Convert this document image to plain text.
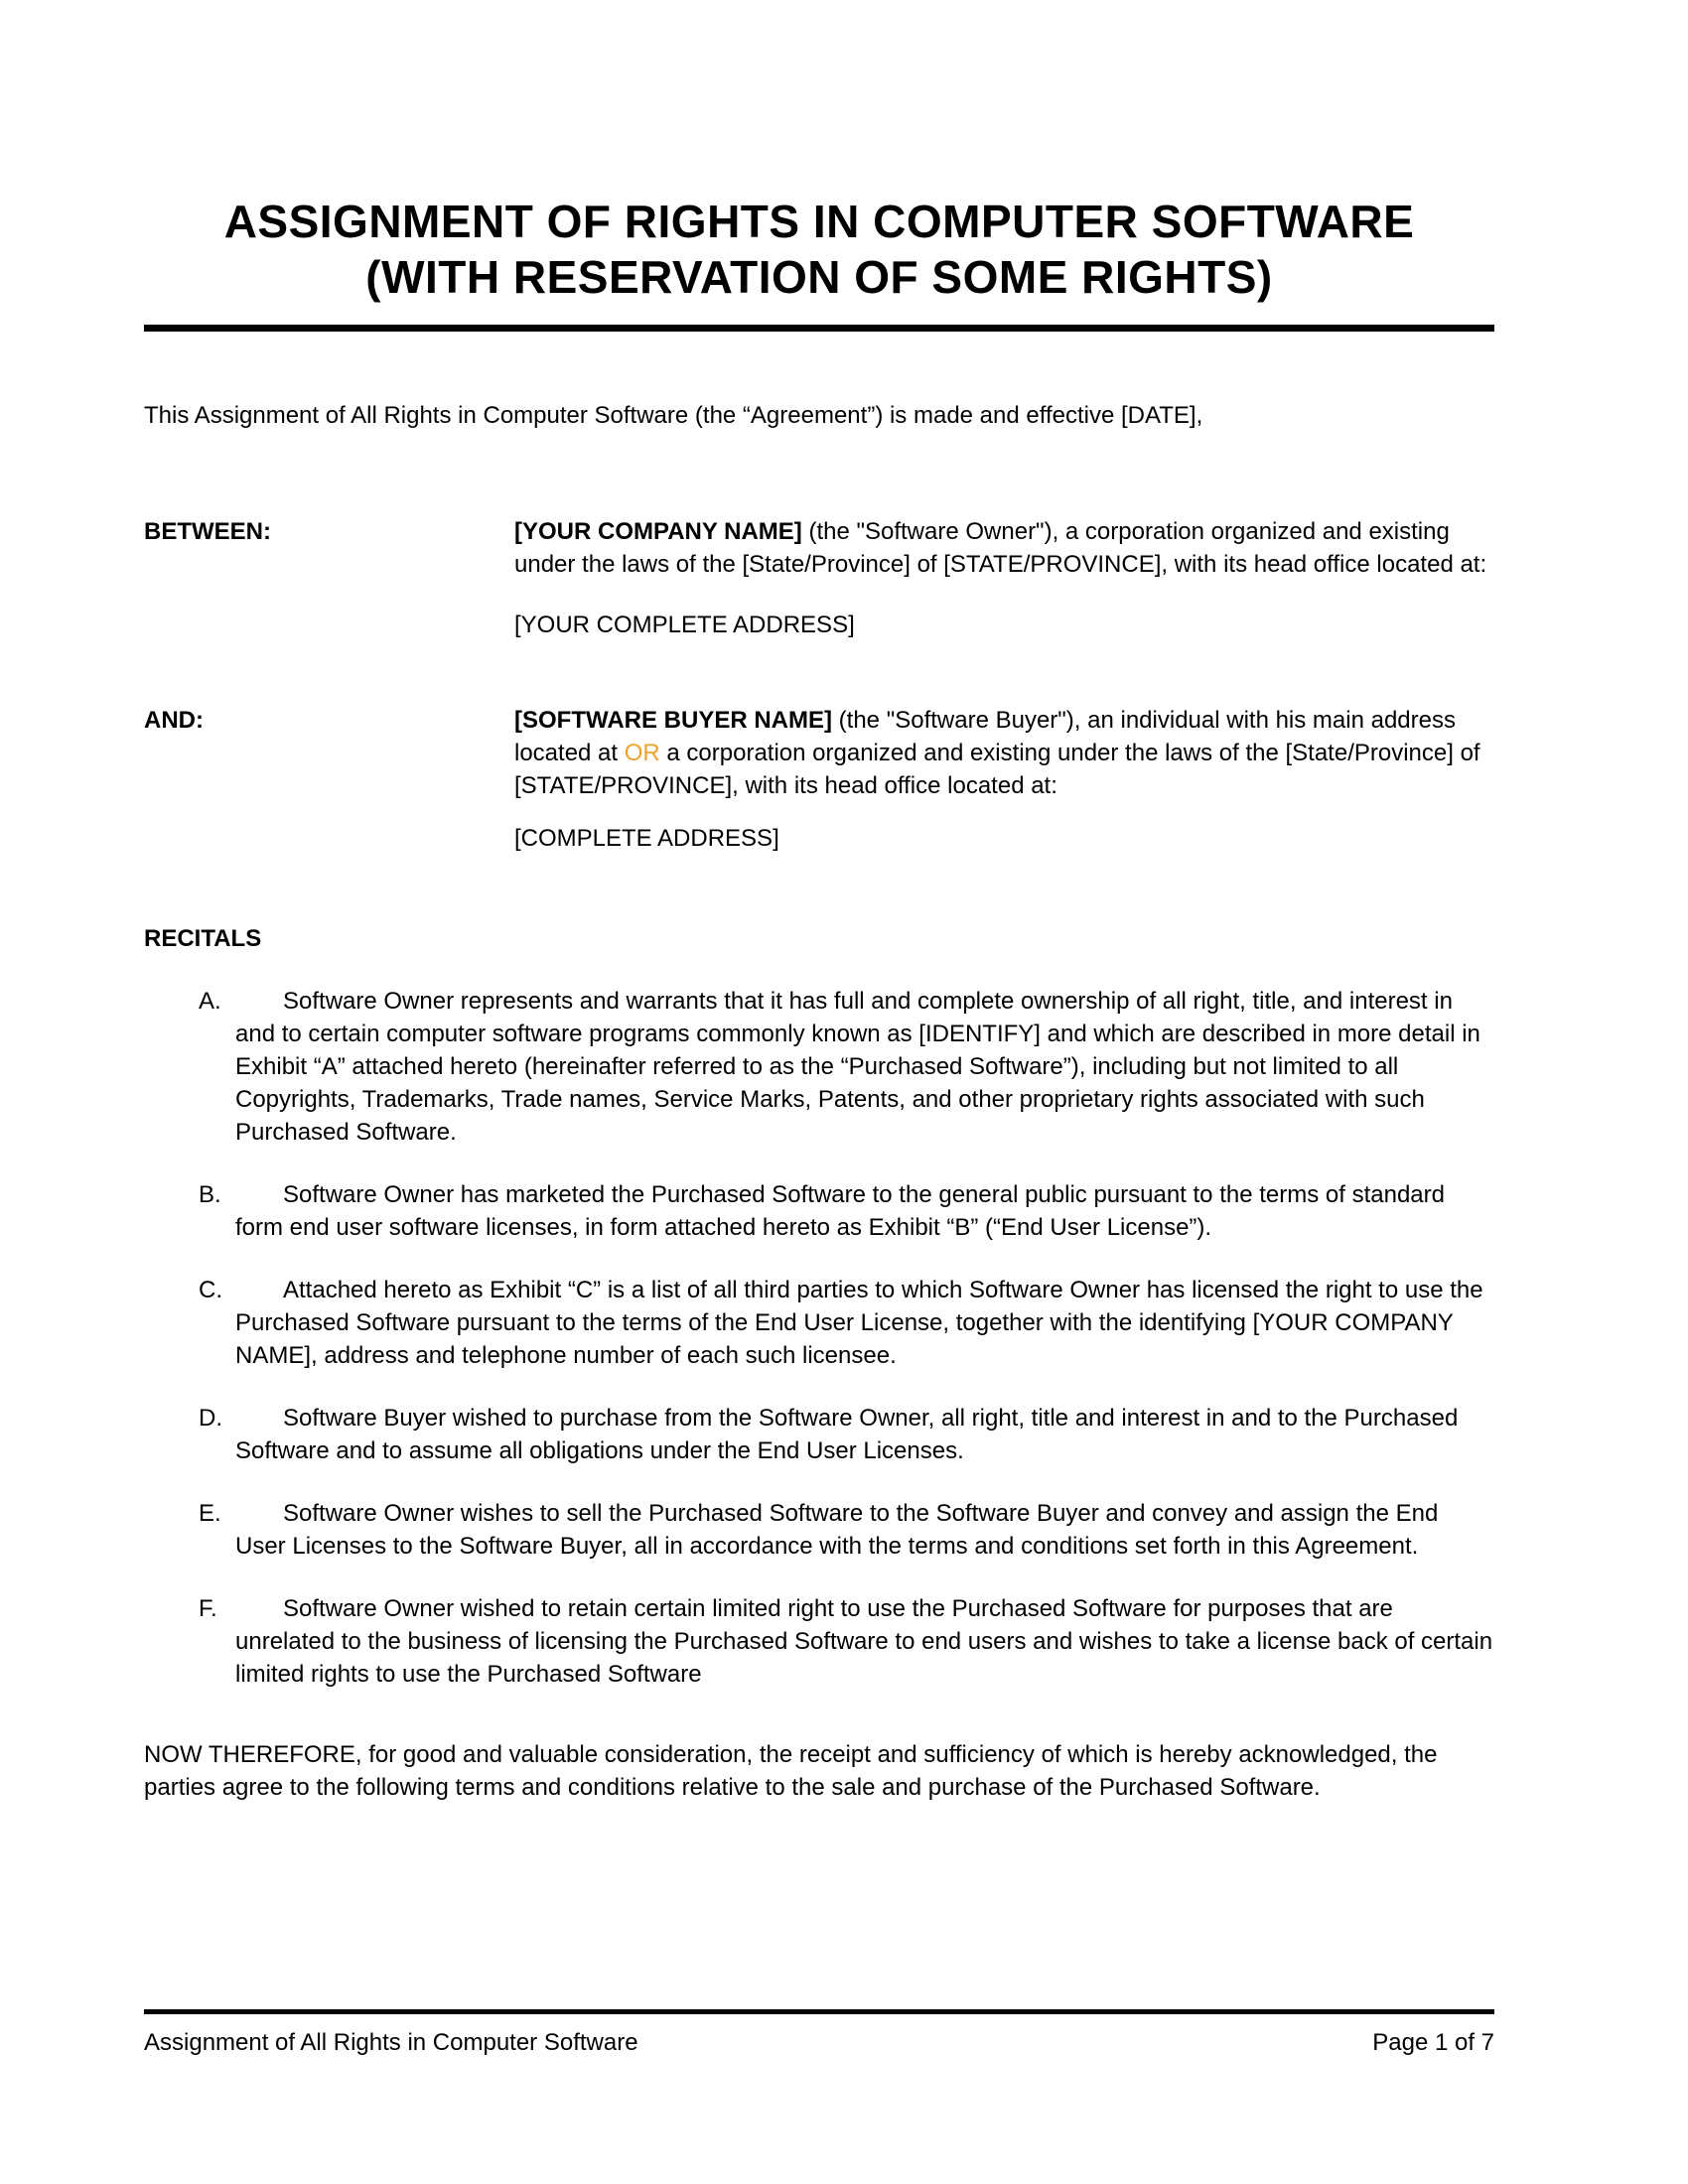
ASSIGNMENT OF RIGHTS IN COMPUTER SOFTWARE
(WITH RESERVATION OF SOME RIGHTS)

This Assignment of All Rights in Computer Software (the “Agreement”) is made and effective [DATE],

BETWEEN:	[YOUR COMPANY NAME] (the "Software Owner"), a corporation organized and existing under the laws of the [State/Province] of [STATE/PROVINCE], with its head office located at:
[YOUR COMPLETE ADDRESS]
AND:	[SOFTWARE BUYER NAME] (the "Software Buyer"), an individual with his main address located at OR a corporation organized and existing under the laws of the [State/Province] of [STATE/PROVINCE], with its head office located at:
[COMPLETE ADDRESS]
RECITALS
A.	Software Owner represents and warrants that it has full and complete ownership of all right, title, and interest in and to certain computer software programs commonly known as [IDENTIFY] and which are described in more detail in Exhibit “A” attached hereto (hereinafter referred to as the “Purchased Software”), including but not limited to all Copyrights, Trademarks, Trade names, Service Marks, Patents, and other proprietary rights associated with such Purchased Software.
B.	Software Owner has marketed the Purchased Software to the general public pursuant to the terms of standard form end user software licenses, in form attached hereto as Exhibit “B” (“End User License”).
C.	Attached hereto as Exhibit “C” is a list of all third parties to which Software Owner has licensed the right to use the Purchased Software pursuant to the terms of the End User License, together with the identifying [YOUR COMPANY NAME], address and telephone number of each such licensee.
D.	Software Buyer wished to purchase from the Software Owner, all right, title and interest in and to the Purchased Software and to assume all obligations under the End User Licenses.
E.	Software Owner wishes to sell the Purchased Software to the Software Buyer and convey and assign the End User Licenses to the Software Buyer, all in accordance with the terms and conditions set forth in this Agreement.
F.	Software Owner wished to retain certain limited right to use the Purchased Software for purposes that are unrelated to the business of licensing the Purchased Software to end users and wishes to take a license back of certain limited rights to use the Purchased Software

NOW THEREFORE, for good and valuable consideration, the receipt and sufficiency of which is hereby acknowledged, the parties agree to the following terms and conditions relative to the sale and purchase of the Purchased Software.

Assignment of All Rights in Computer Software	Page 1 of 7
